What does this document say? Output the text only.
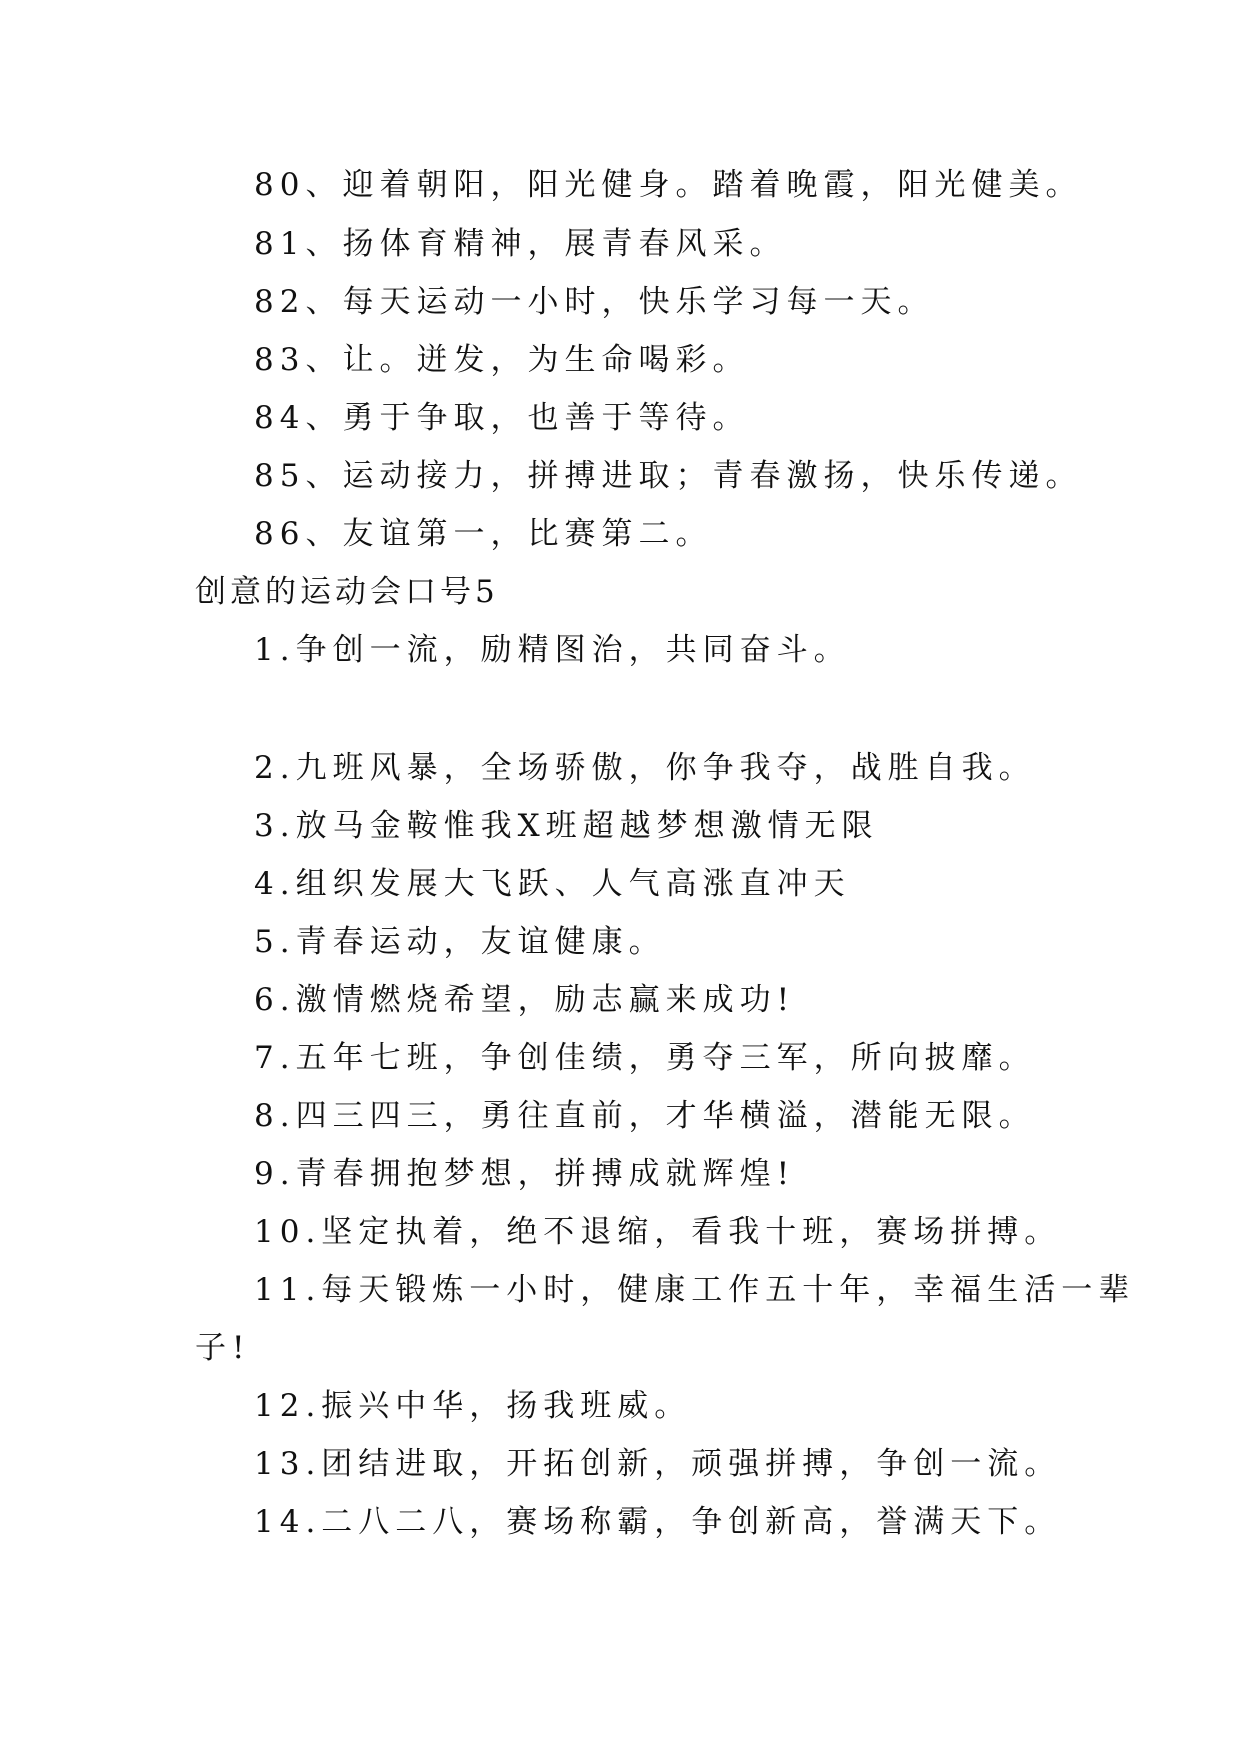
80、迎着朝阳，阳光健身。踏着晚霞，阳光健美。
81、扬体育精神，展青春风采。
82、每天运动一小时，快乐学习每一天。
83、让。迸发，为生命喝彩。
84、勇于争取，也善于等待。
85、运动接力，拼搏进取；青春激扬，快乐传递。
86、友谊第一，比赛第二。
创意的运动会口号5
1.争创一流，励精图治，共同奋斗。
2.九班风暴，全场骄傲，你争我夺，战胜自我。
3.放马金鞍惟我X班超越梦想激情无限
4.组织发展大飞跃、人气高涨直冲天
5.青春运动，友谊健康。
6.激情燃烧希望，励志赢来成功!
7.五年七班，争创佳绩，勇夺三军，所向披靡。
8.四三四三，勇往直前，才华横溢，潜能无限。
9.青春拥抱梦想，拼搏成就辉煌!
10.坚定执着，绝不退缩，看我十班，赛场拼搏。
11.每天锻炼一小时，健康工作五十年，幸福生活一辈
子!
12.振兴中华，扬我班威。
13.团结进取，开拓创新，顽强拼搏，争创一流。
14.二八二八，赛场称霸，争创新高，誉满天下。
